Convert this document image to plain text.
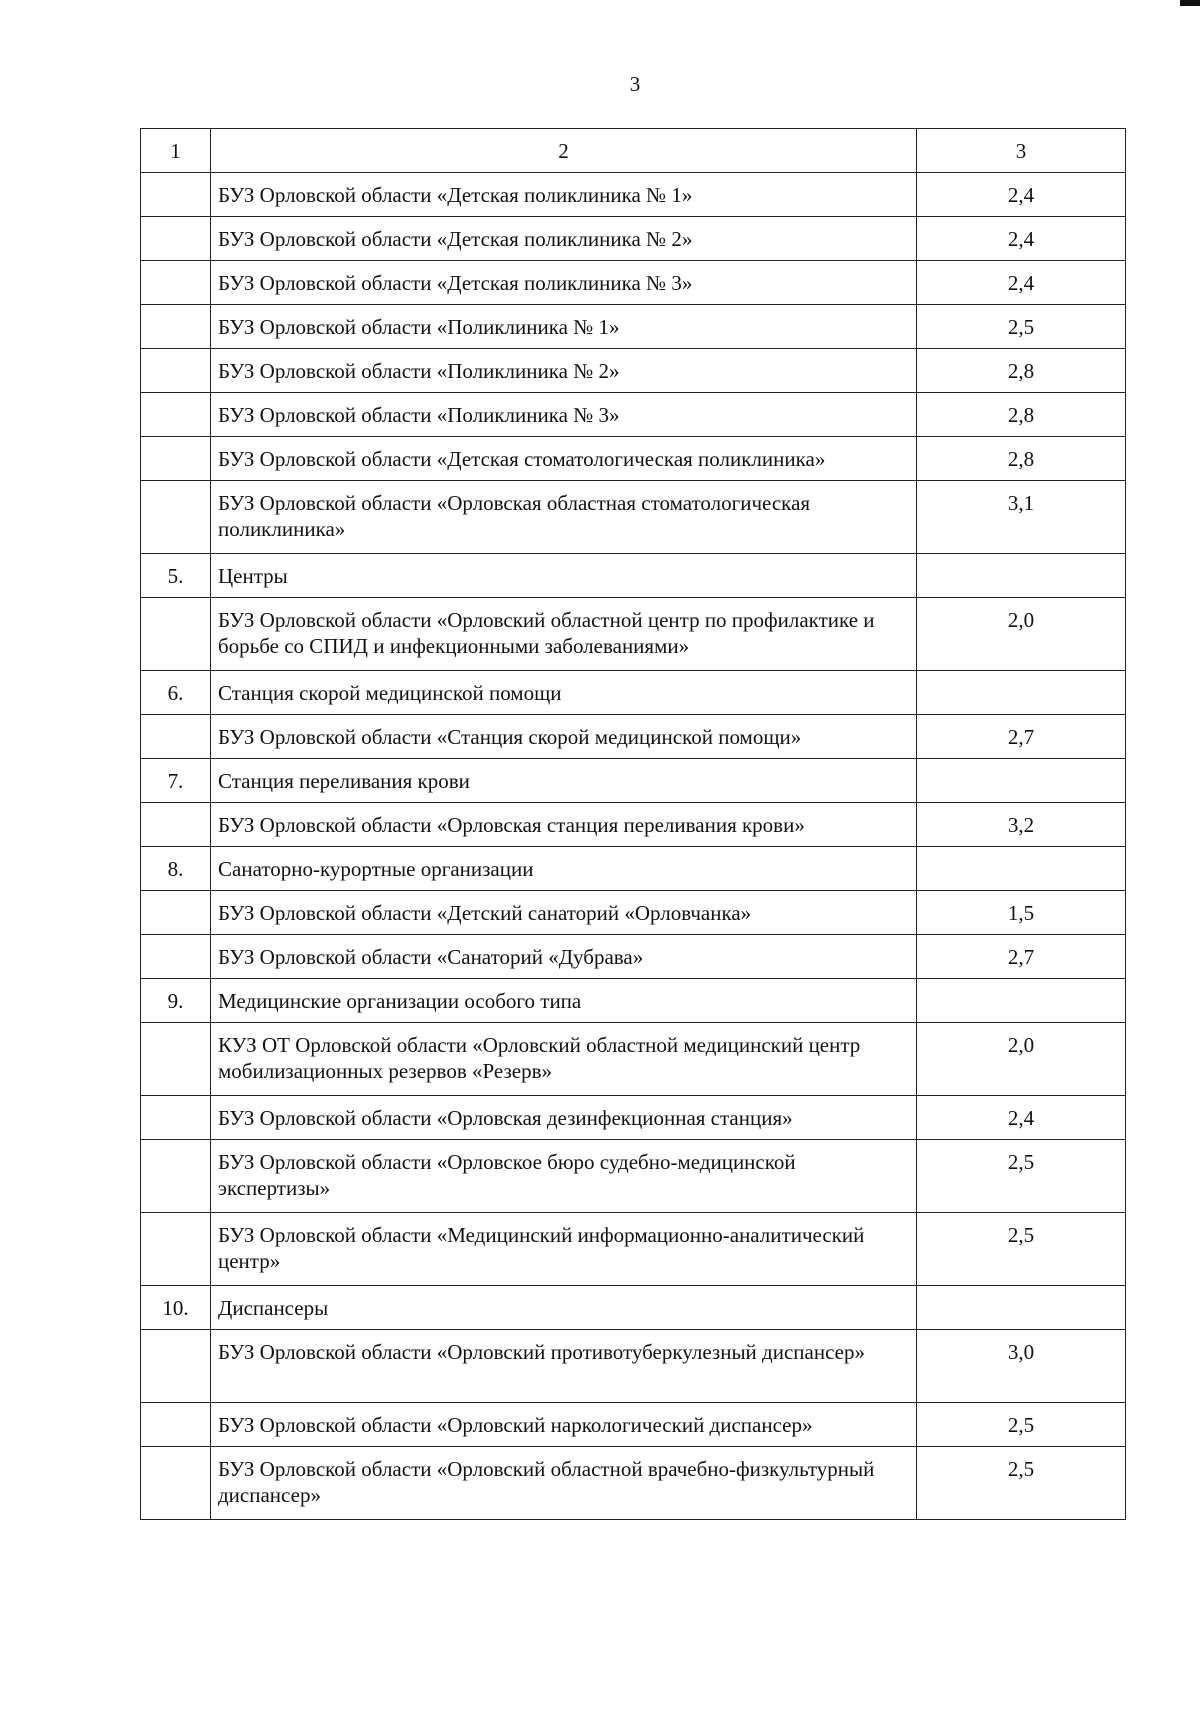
3
1	2	3
	БУЗ Орловской области «Детская поликлиника № 1»	2,4
	БУЗ Орловской области «Детская поликлиника № 2»	2,4
	БУЗ Орловской области «Детская поликлиника № 3»	2,4
	БУЗ Орловской области «Поликлиника № 1»	2,5
	БУЗ Орловской области «Поликлиника № 2»	2,8
	БУЗ Орловской области «Поликлиника № 3»	2,8
	БУЗ Орловской области «Детская стоматологическая поликлиника»	2,8
	БУЗ Орловской области «Орловская областная стоматологическая поликлиника»	3,1
5.	Центры	
	БУЗ Орловской области «Орловский областной центр по профилактике и борьбе со СПИД и инфекционными заболеваниями»	2,0
6.	Станция скорой медицинской помощи	
	БУЗ Орловской области «Станция скорой медицинской помощи»	2,7
7.	Станция переливания крови	
	БУЗ Орловской области «Орловская станция переливания крови»	3,2
8.	Санаторно-курортные организации	
	БУЗ Орловской области «Детский санаторий «Орловчанка»	1,5
	БУЗ Орловской области «Санаторий «Дубрава»	2,7
9.	Медицинские организации особого типа	
	КУЗ ОТ Орловской области «Орловский областной медицинский центр мобилизационных резервов «Резерв»	2,0
	БУЗ Орловской области «Орловская дезинфекционная станция»	2,4
	БУЗ Орловской области «Орловское бюро судебно-медицинской экспертизы»	2,5
	БУЗ Орловской области «Медицинский информационно-аналитический центр»	2,5
10.	Диспансеры	
	БУЗ Орловской области «Орловский противотуберкулезный диспансер»	3,0
	БУЗ Орловской области «Орловский наркологический диспансер»	2,5
	БУЗ Орловской области «Орловский областной врачебно-физкультурный диспансер»	2,5
